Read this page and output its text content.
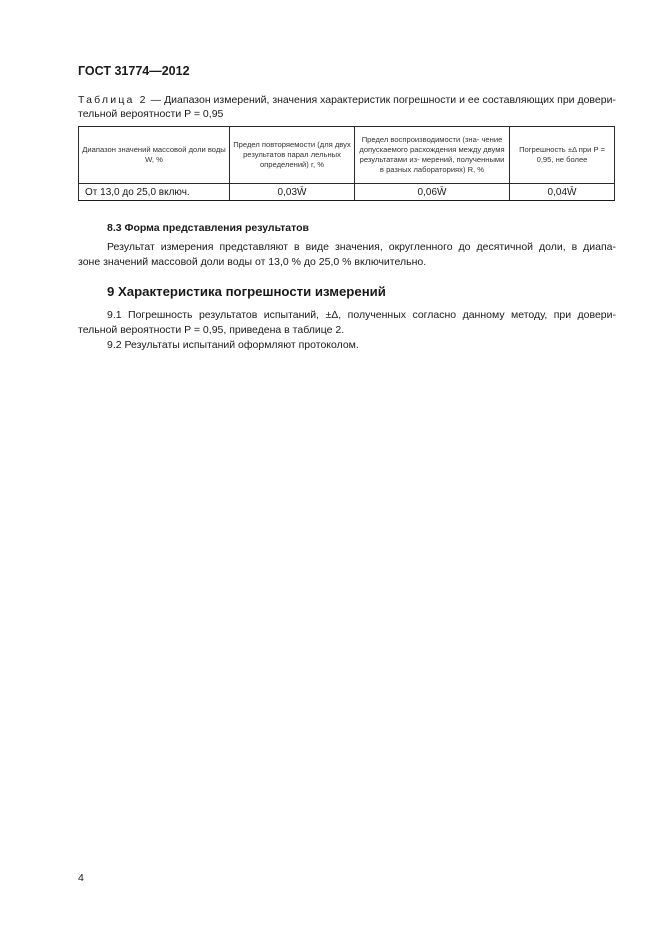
ГОСТ 31774—2012
Таблица 2 — Диапазон измерений, значения характеристик погрешности и ее составляющих при довери-
тельной вероятности P = 0,95
Диапазон значений массовой доли воды W, %	Предел повторяемости (для двух результатов парал лельных определений) r, %	Предел воспроизводимости (зна- чение допускаемого расхождения между двумя результатами из- мерений, полученными в разных лабораториях) R, %	Погрешность ±Δ при P = 0,95, не более
От 13,0 до 25,0 включ.	0,03W̄	0,06W̄	0,04W̄
8.3 Форма представления результатов
Результат измерения представляют в виде значения, округленного до десятичной доли, в диапа-
зоне значений массовой доли воды от 13,0 % до 25,0 % включительно.
9 Характеристика погрешности измерений
9.1 Погрешность результатов испытаний, ±Δ, полученных согласно данному методу, при довери-
тельной вероятности P = 0,95, приведена в таблице 2.
9.2 Результаты испытаний оформляют протоколом.
4
